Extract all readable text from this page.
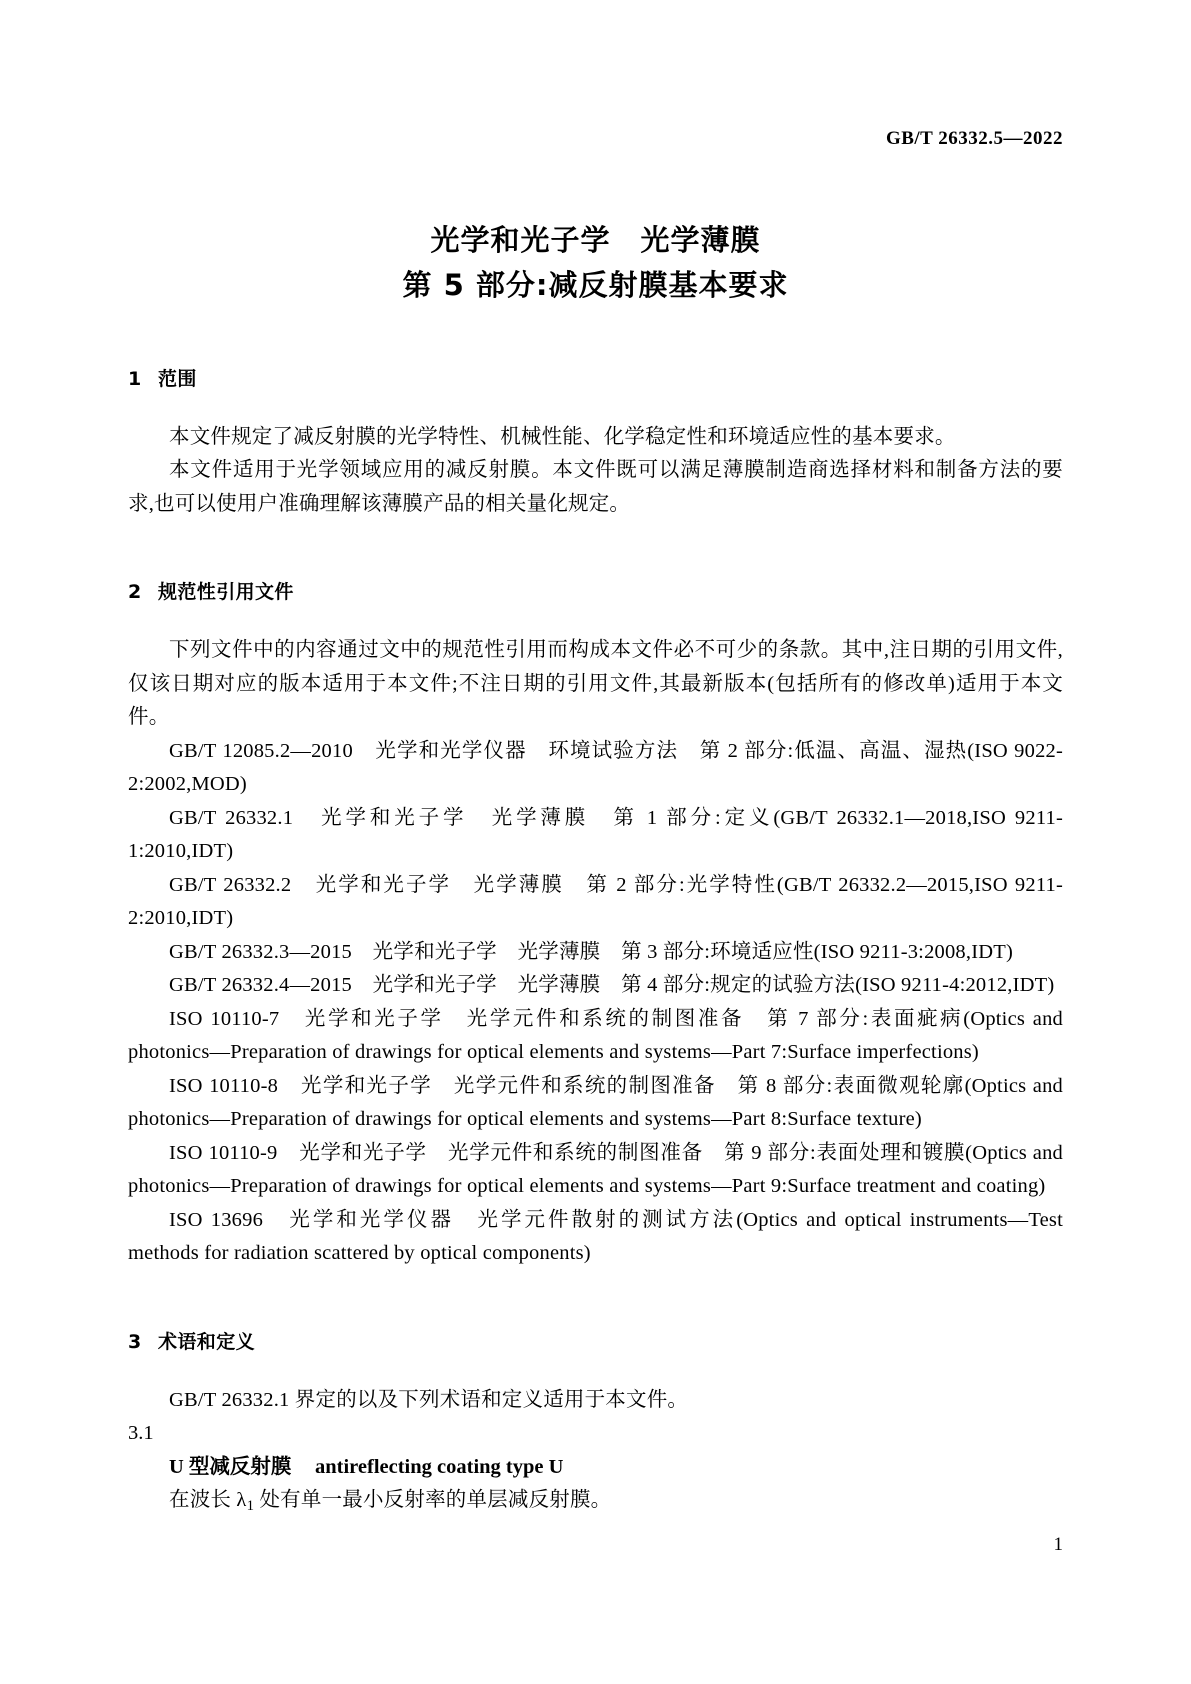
GB/T 26332.5—2022
光学和光子学　光学薄膜
第 5 部分:减反射膜基本要求
1 范围

本文件规定了减反射膜的光学特性、机械性能、化学稳定性和环境适应性的基本要求。

本文件适用于光学领域应用的减反射膜。本文件既可以满足薄膜制造商选择材料和制备方法的要求,也可以使用户准确理解该薄膜产品的相关量化规定。

2 规范性引用文件

下列文件中的内容通过文中的规范性引用而构成本文件必不可少的条款。其中,注日期的引用文件,仅该日期对应的版本适用于本文件;不注日期的引用文件,其最新版本(包括所有的修改单)适用于本文件。

GB/T 12085.2—2010　光学和光学仪器　环境试验方法　第 2 部分:低温、高温、湿热(ISO 9022-2:2002,MOD)

GB/T 26332.1　光学和光子学　光学薄膜　第 1 部分:定义(GB/T 26332.1—2018,ISO 9211-1:2010,IDT)

GB/T 26332.2　光学和光子学　光学薄膜　第 2 部分:光学特性(GB/T 26332.2—2015,ISO 9211-2:2010,IDT)

GB/T 26332.3—2015　光学和光子学　光学薄膜　第 3 部分:环境适应性(ISO 9211-3:2008,IDT)

GB/T 26332.4—2015　光学和光子学　光学薄膜　第 4 部分:规定的试验方法(ISO 9211-4:2012,IDT)

ISO 10110-7　光学和光子学　光学元件和系统的制图准备　第 7 部分:表面疵病(Optics and photonics—Preparation of drawings for optical elements and systems—Part 7:Surface imperfections)

ISO 10110-8　光学和光子学　光学元件和系统的制图准备　第 8 部分:表面微观轮廓(Optics and photonics—Preparation of drawings for optical elements and systems—Part 8:Surface texture)

ISO 10110-9　光学和光子学　光学元件和系统的制图准备　第 9 部分:表面处理和镀膜(Optics and photonics—Preparation of drawings for optical elements and systems—Part 9:Surface treatment and coating)

ISO 13696　光学和光学仪器　光学元件散射的测试方法(Optics and optical instruments—Test methods for radiation scattered by optical components)

3 术语和定义

GB/T 26332.1 界定的以及下列术语和定义适用于本文件。

3.1

U 型减反射膜 antireflecting coating type U

在波长 $\lambda_1$ 处有单一最小反射率的单层减反射膜。

1
